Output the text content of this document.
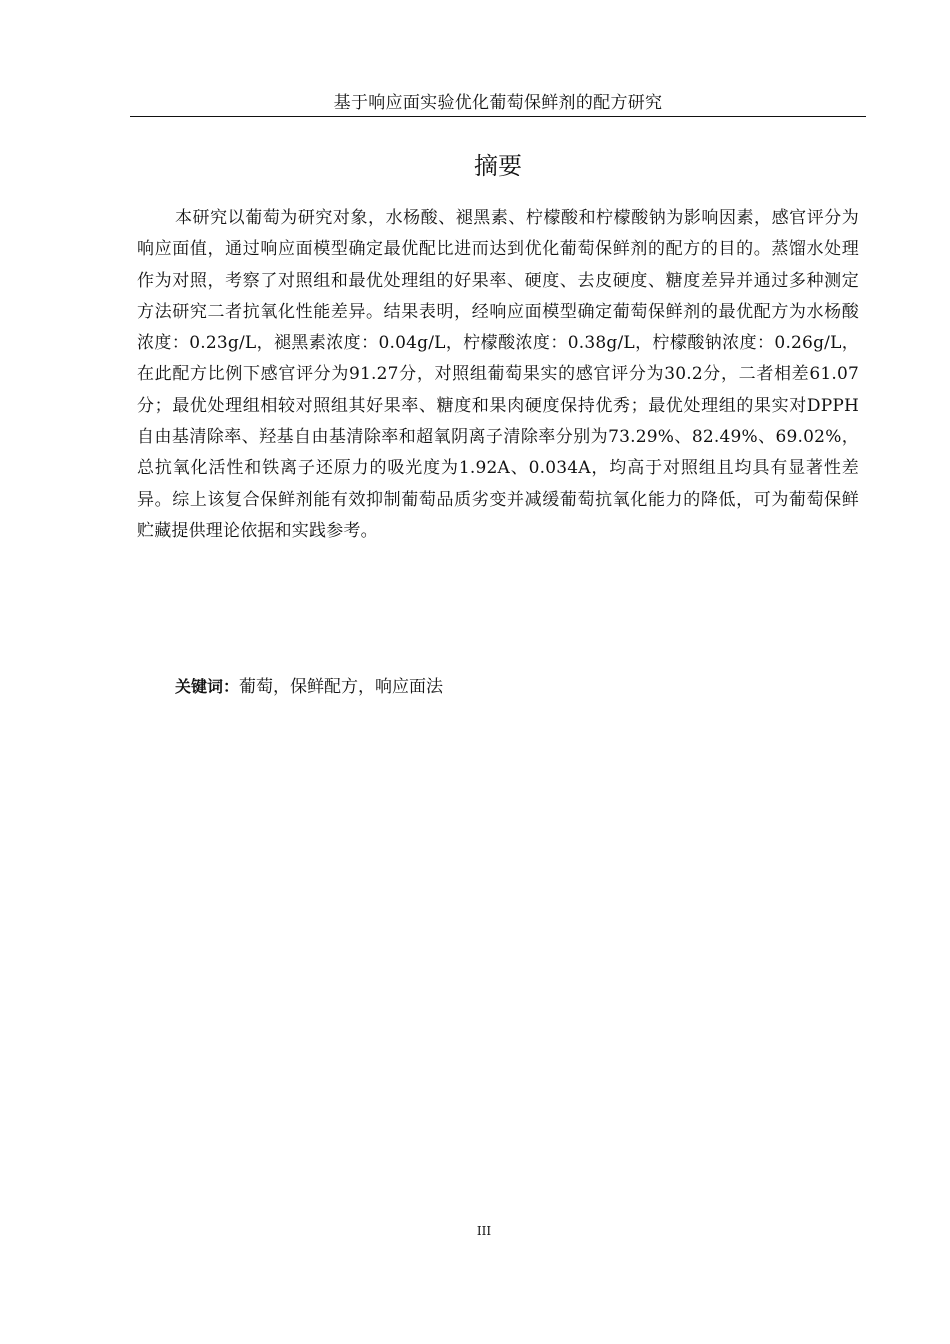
基于响应面实验优化葡萄保鲜剂的配方研究
摘要

本研究以葡萄为研究对象，水杨酸、褪黑素、柠檬酸和柠檬酸钠为影响因素，感官评分为响应面值，通过响应面模型确定最优配比进而达到优化葡萄保鲜剂的配方的目的。蒸馏水处理作为对照，考察了对照组和最优处理组的好果率、硬度、去皮硬度、糖度差异并通过多种测定方法研究二者抗氧化性能差异。结果表明，经响应面模型确定葡萄保鲜剂的最优配方为水杨酸浓度：0.23g/L，褪黑素浓度：0.04g/L，柠檬酸浓度：0.38g/L，柠檬酸钠浓度：0.26g/L，在此配方比例下感官评分为91.27分，对照组葡萄果实的感官评分为30.2分，二者相差61.07分；最优处理组相较对照组其好果率、糖度和果肉硬度保持优秀；最优处理组的果实对DPPH自由基清除率、羟基自由基清除率和超氧阴离子清除率分别为73.29%、82.49%、69.02%，总抗氧化活性和铁离子还原力的吸光度为1.92A、0.034A，均高于对照组且均具有显著性差异。综上该复合保鲜剂能有效抑制葡萄品质劣变并减缓葡萄抗氧化能力的降低，可为葡萄保鲜贮藏提供理论依据和实践参考。

关键词：葡萄，保鲜配方，响应面法

III
